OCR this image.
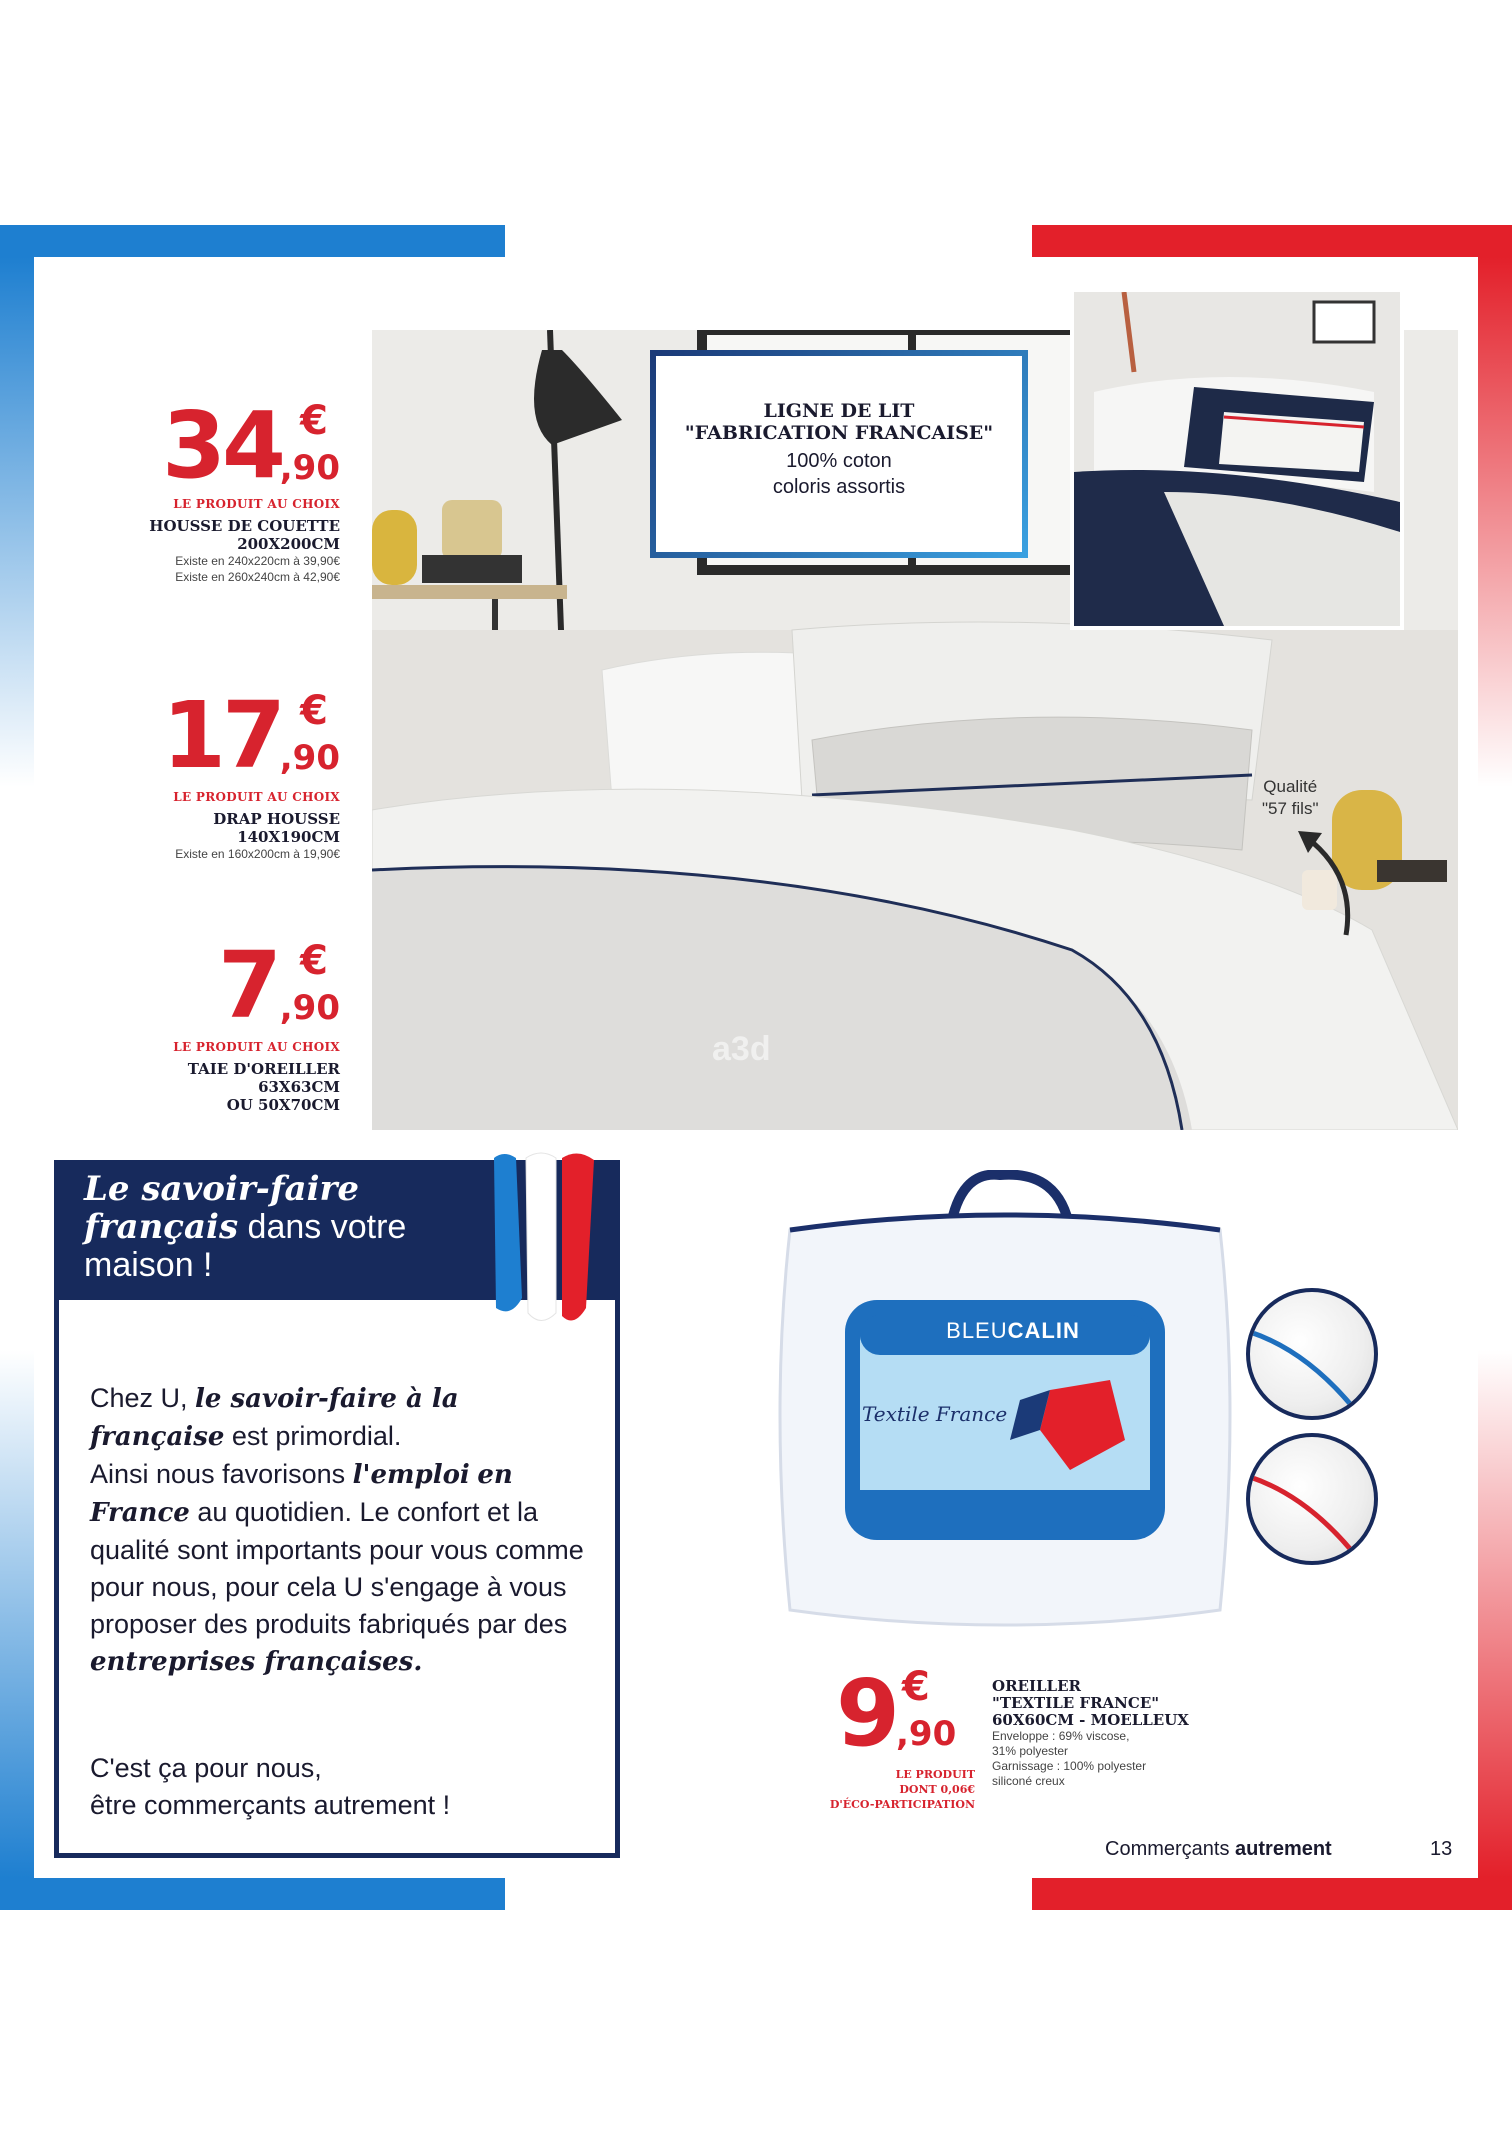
a3d
LIGNE DE LIT
"FABRICATION FRANCAISE"
100% coton
coloris assortis
Qualité
"57 fils"
34 €
,90
LE PRODUIT AU CHOIX
HOUSSE DE COUETTE
200X200CM
Existe en 240x220cm à 39,90€
Existe en 260x240cm à 42,90€
17 €
,90
LE PRODUIT AU CHOIX
DRAP HOUSSE
140X190CM
Existe en 160x200cm à 19,90€
7 €
,90
LE PRODUIT AU CHOIX
TAIE D'OREILLER
63X63CM
OU 50X70CM
Le savoir-faire
français dans votre
maison !
Chez U, le savoir-faire à la française est primordial.
Ainsi nous favorisons l'emploi en France au quotidien. Le confort et la qualité sont importants pour vous comme pour nous, pour cela U s'engage à vous proposer des produits fabriqués par des entreprises françaises.
C'est ça pour nous,
être commerçants autrement !
BLEUCALIN
Textile France
9 €
,90
LE PRODUIT
DONT 0,06€
D'ÉCO-PARTICIPATION
OREILLER
"TEXTILE FRANCE"
60X60CM - MOELLEUX
Enveloppe : 69% viscose,
31% polyester
Garnissage : 100% polyester
siliconé creux
Commerçants autrement	13
